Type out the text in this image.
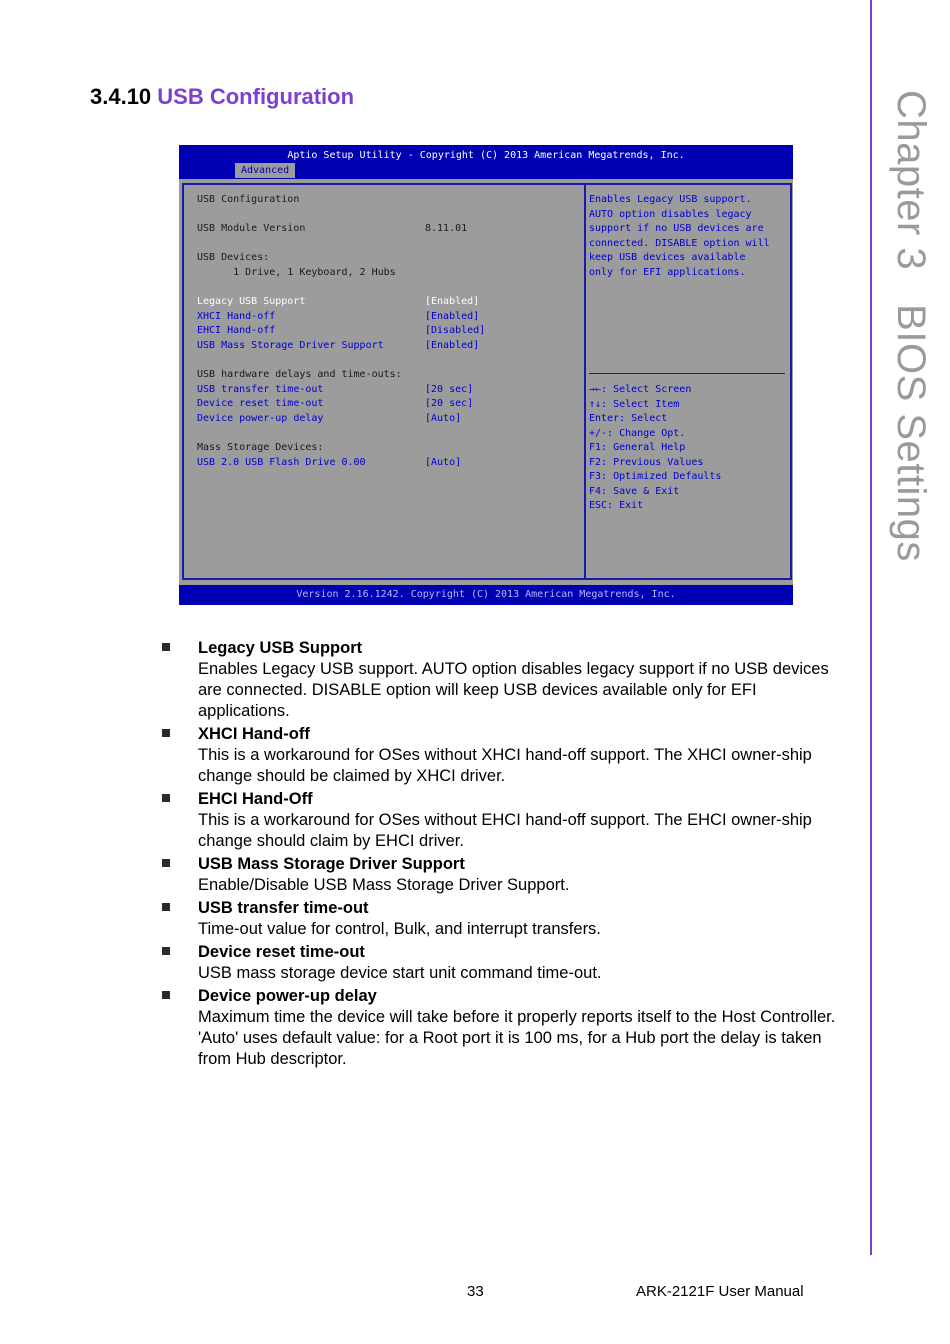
Chapter 3BIOS Settings
3.4.10 USB Configuration
Aptio Setup Utility - Copyright (C) 2013 American Megatrends, Inc.
Advanced
USB Configuration
USB Module Version	8.11.01
USB Devices:
1 Drive, 1 Keyboard, 2 Hubs
Legacy USB Support	[Enabled]
XHCI Hand-off	[Enabled]
EHCI Hand-off	[Disabled]
USB Mass Storage Driver Support	[Enabled]
USB hardware delays and time-outs:
USB transfer time-out	[20 sec]
Device reset time-out	[20 sec]
Device power-up delay	[Auto]
Mass Storage Devices:
USB 2.0 USB Flash Drive 0.00	[Auto]
Enables Legacy USB support.
AUTO option disables legacy
support if no USB devices are
connected. DISABLE option will
keep USB devices available
only for EFI applications.
→←: Select Screen
↑↓: Select Item
Enter: Select
+/-: Change Opt.
F1: General Help
F2: Previous Values
F3: Optimized Defaults
F4: Save & Exit
ESC: Exit
Version 2.16.1242. Copyright (C) 2013 American Megatrends, Inc.
Legacy USB Support
Enables Legacy USB support. AUTO option disables legacy support if no USB devices are connected. DISABLE option will keep USB devices available only for EFI applications.
XHCI Hand-off
This is a workaround for OSes without XHCI hand-off support. The XHCI owner-ship change should be claimed by XHCI driver.
EHCI Hand-Off
This is a workaround for OSes without EHCI hand-off support. The EHCI owner-ship change should claim by EHCI driver.
USB Mass Storage Driver Support
Enable/Disable USB Mass Storage Driver Support.
USB transfer time-out
Time-out value for control, Bulk, and interrupt transfers.
Device reset time-out
USB mass storage device start unit command time-out.
Device power-up delay
Maximum time the device will take before it properly reports itself to the Host Controller. 'Auto' uses default value: for a Root port it is 100 ms, for a Hub port the delay is taken from Hub descriptor.
33	ARK-2121F User Manual
